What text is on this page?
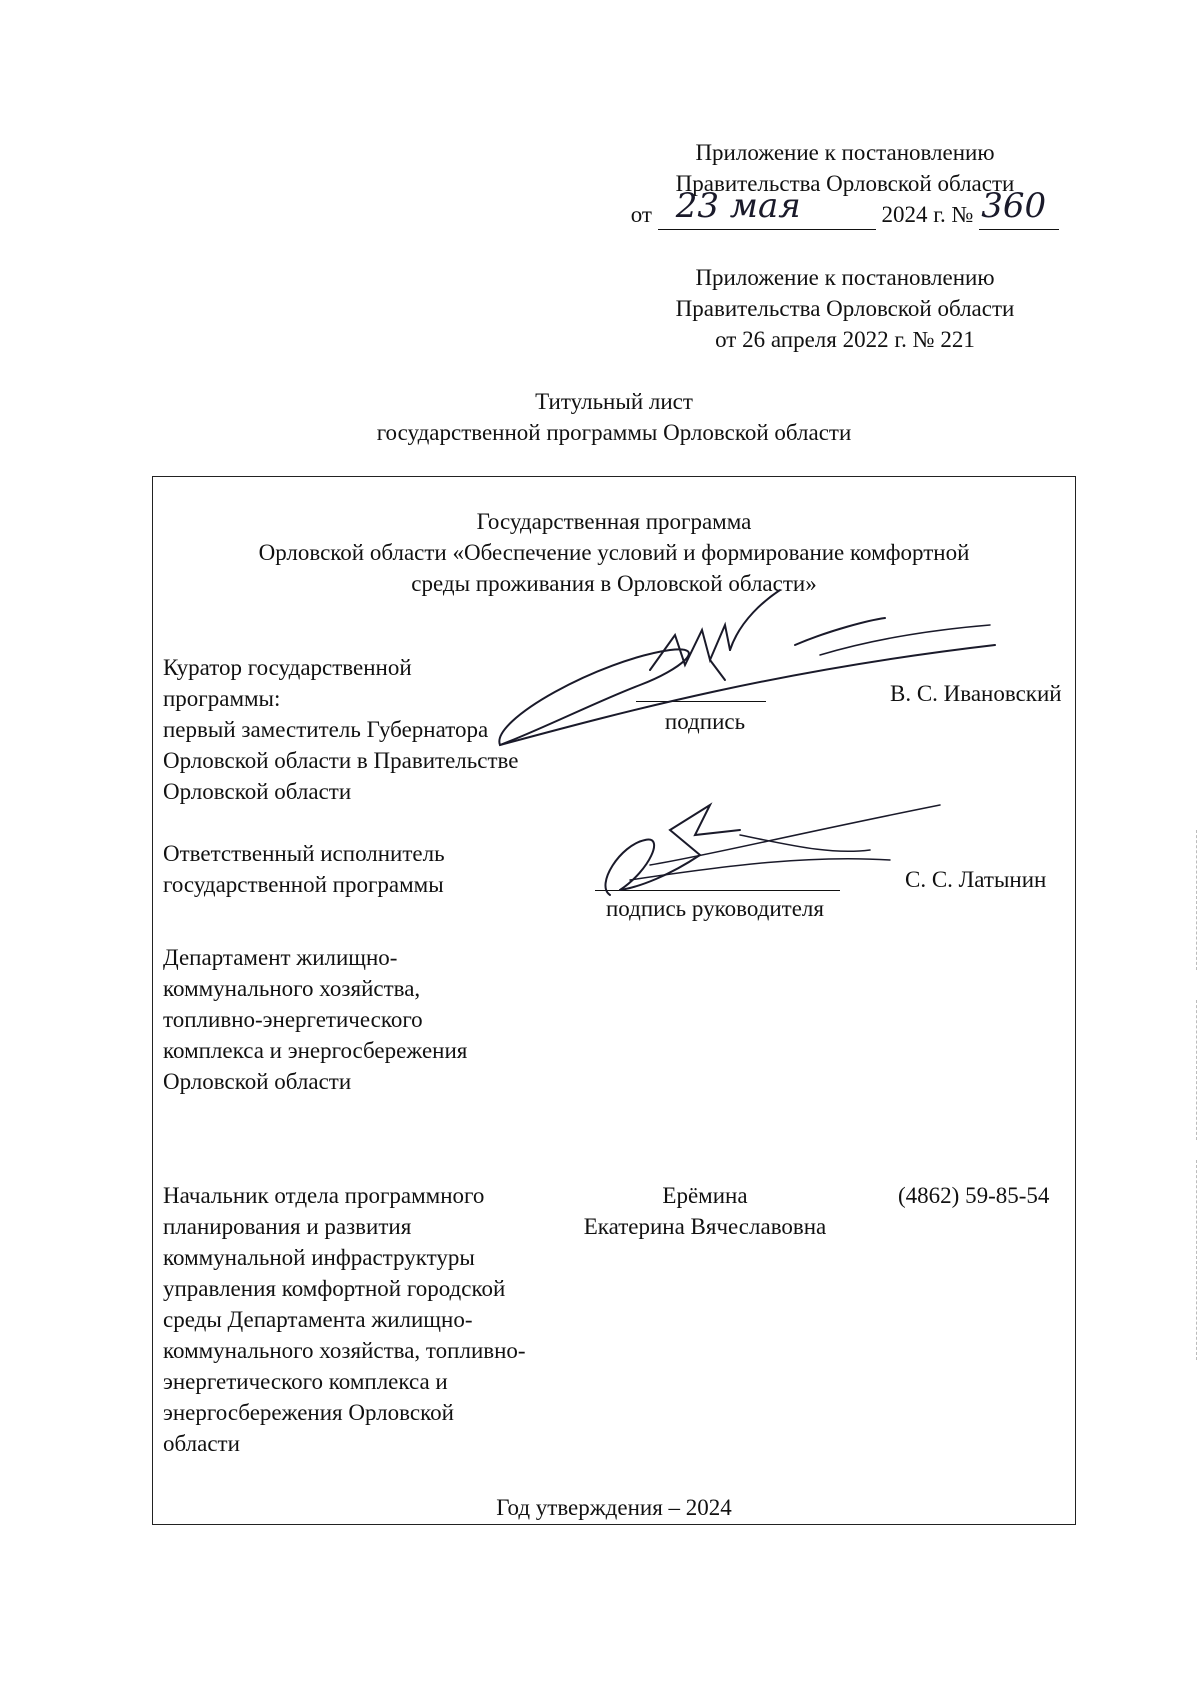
Приложение к постановлению
Правительства Орловской области
от 23 мая	2024 г. № 360
Приложение к постановлению
Правительства Орловской области
от 26 апреля 2022 г. № 221
Титульный лист
государственной программы Орловской области
Государственная программа
Орловской области «Обеспечение условий и формирование комфортной
среды проживания в Орловской области»
Куратор государственной
программы:
первый заместитель Губернатора
Орловской области в Правительстве
Орловской области
подпись
В. С. Ивановский
Ответственный исполнитель
государственной программы
подпись руководителя
С. С. Латынин
Департамент жилищно-
коммунального хозяйства,
топливно-энергетического
комплекса и энергосбережения
Орловской области
Начальник отдела программного
планирования и развития
коммунальной инфраструктуры
управления комфортной городской
среды Департамента жилищно-
коммунального хозяйства, топливно-
энергетического комплекса и
энергосбережения Орловской
области
Ерёмина
Екатерина Вячеславовна
(4862) 59-85-54
Год утверждения – 2024
